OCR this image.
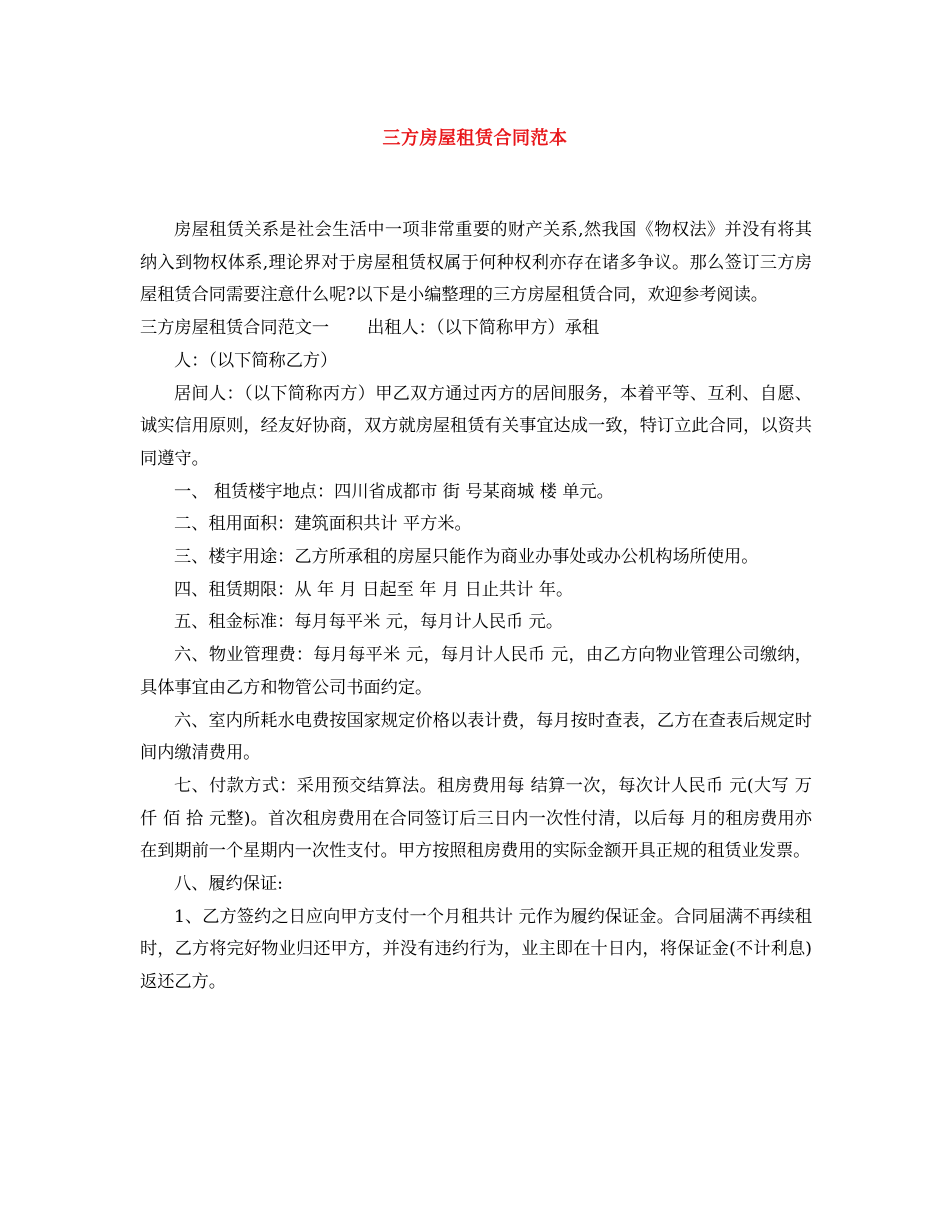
三方房屋租赁合同范本

房屋租赁关系是社会生活中一项非常重要的财产关系,然我国《物权法》并没有将其纳入到物权体系,理论界对于房屋租赁权属于何种权利亦存在诸多争议。那么签订三方房屋租赁合同需要注意什么呢?以下是小编整理的三方房屋租赁合同，欢迎参考阅读。

三方房屋租赁合同范文一 出租人：（以下简称甲方）承租

人：（以下简称乙方）

居间人：（以下简称丙方）甲乙双方通过丙方的居间服务，本着平等、互利、自愿、诚实信用原则，经友好协商，双方就房屋租赁有关事宜达成一致，特订立此合同，以资共同遵守。

一、 租赁楼宇地点：四川省成都市 街 号某商城 楼 单元。

二、租用面积：建筑面积共计 平方米。

三、楼宇用途：乙方所承租的房屋只能作为商业办事处或办公机构场所使用。

四、租赁期限：从 年 月 日起至 年 月 日止共计 年。

五、租金标准：每月每平米 元，每月计人民币 元。

六、物业管理费：每月每平米 元，每月计人民币 元，由乙方向物业管理公司缴纳，具体事宜由乙方和物管公司书面约定。

六、室内所耗水电费按国家规定价格以表计费，每月按时查表，乙方在查表后规定时间内缴清费用。

七、付款方式：采用预交结算法。租房费用每 结算一次，每次计人民币 元(大写 万 仟 佰 拾 元整)。首次租房费用在合同签订后三日内一次性付清，以后每 月的租房费用亦在到期前一个星期内一次性支付。甲方按照租房费用的实际金额开具正规的租赁业发票。

八、履约保证:

1、乙方签约之日应向甲方支付一个月租共计 元作为履约保证金。合同届满不再续租时，乙方将完好物业归还甲方，并没有违约行为，业主即在十日内，将保证金(不计利息)返还乙方。
